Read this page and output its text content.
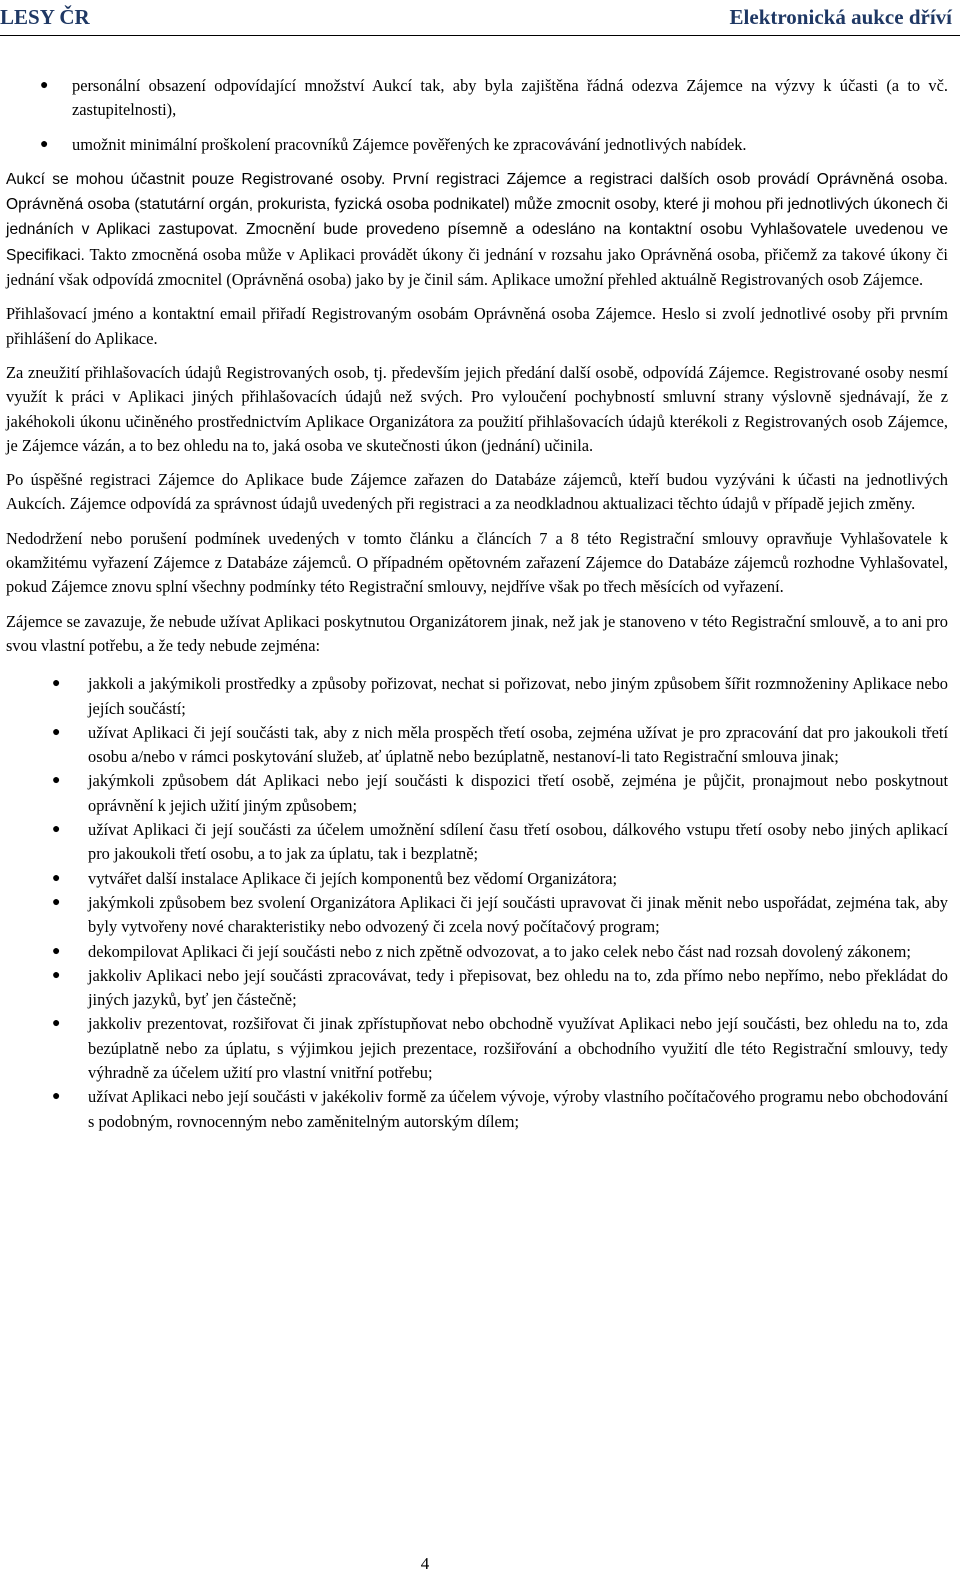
LESY ČR	Elektronická aukce dříví
● personální obsazení odpovídající množství Aukcí tak, aby byla zajištěna řádná odezva Zájemce na výzvy k účasti (a to vč. zastupitelnosti),
● umožnit minimální proškolení pracovníků Zájemce pověřených ke zpracovávání jednotlivých nabídek.

Aukcí se mohou účastnit pouze Registrované osoby. První registraci Zájemce a registraci dalších osob provádí Oprávněná osoba. Oprávněná osoba (statutární orgán, prokurista, fyzická osoba podnikatel) může zmocnit osoby, které ji mohou při jednotlivých úkonech či jednáních v Aplikaci zastupovat. Zmocnění bude provedeno písemně a odesláno na kontaktní osobu Vyhlašovatele uvedenou ve Specifikaci. Takto zmocněná osoba může v Aplikaci provádět úkony či jednání v rozsahu jako Oprávněná osoba, přičemž za takové úkony či jednání však odpovídá zmocnitel (Oprávněná osoba) jako by je činil sám. Aplikace umožní přehled aktuálně Registrovaných osob Zájemce.

Přihlašovací jméno a kontaktní email přiřadí Registrovaným osobám Oprávněná osoba Zájemce. Heslo si zvolí jednotlivé osoby při prvním přihlášení do Aplikace.

Za zneužití přihlašovacích údajů Registrovaných osob, tj. především jejich předání další osobě, odpovídá Zájemce. Registrované osoby nesmí využít k práci v Aplikaci jiných přihlašovacích údajů než svých. Pro vyloučení pochybností smluvní strany výslovně sjednávají, že z jakéhokoli úkonu učiněného prostřednictvím Aplikace Organizátora za použití přihlašovacích údajů kterékoli z Registrovaných osob Zájemce, je Zájemce vázán, a to bez ohledu na to, jaká osoba ve skutečnosti úkon (jednání) učinila.

Po úspěšné registraci Zájemce do Aplikace bude Zájemce zařazen do Databáze zájemců, kteří budou vyzýváni k účasti na jednotlivých Aukcích. Zájemce odpovídá za správnost údajů uvedených při registraci a za neodkladnou aktualizaci těchto údajů v případě jejich změny.

Nedodržení nebo porušení podmínek uvedených v tomto článku a článcích 7 a 8 této Registrační smlouvy opravňuje Vyhlašovatele k okamžitému vyřazení Zájemce z Databáze zájemců. O případném opětovném zařazení Zájemce do Databáze zájemců rozhodne Vyhlašovatel, pokud Zájemce znovu splní všechny podmínky této Registrační smlouvy, nejdříve však po třech měsících od vyřazení.

Zájemce se zavazuje, že nebude užívat Aplikaci poskytnutou Organizátorem jinak, než jak je stanoveno v této Registrační smlouvě, a to ani pro svou vlastní potřebu, a že tedy nebude zejména:

● jakkoli a jakýmikoli prostředky a způsoby pořizovat, nechat si pořizovat, nebo jiným způsobem šířit rozmnoženiny Aplikace nebo jejích součástí;
● užívat Aplikaci či její součásti tak, aby z nich měla prospěch třetí osoba, zejména užívat je pro zpracování dat pro jakoukoli třetí osobu a/nebo v rámci poskytování služeb, ať úplatně nebo bezúplatně, nestanoví-li tato Registrační smlouva jinak;
● jakýmkoli způsobem dát Aplikaci nebo její součásti k dispozici třetí osobě, zejména je půjčit, pronajmout nebo poskytnout oprávnění k jejich užití jiným způsobem;
● užívat Aplikaci či její součásti za účelem umožnění sdílení času třetí osobou, dálkového vstupu třetí osoby nebo jiných aplikací pro jakoukoli třetí osobu, a to jak za úplatu, tak i bezplatně;
● vytvářet další instalace Aplikace či jejích komponentů bez vědomí Organizátora;
● jakýmkoli způsobem bez svolení Organizátora Aplikaci či její součásti upravovat či jinak měnit nebo uspořádat, zejména tak, aby byly vytvořeny nové charakteristiky nebo odvozený či zcela nový počítačový program;
● dekompilovat Aplikaci či její součásti nebo z nich zpětně odvozovat, a to jako celek nebo část nad rozsah dovolený zákonem;
● jakkoliv Aplikaci nebo její součásti zpracovávat, tedy i přepisovat, bez ohledu na to, zda přímo nebo nepřímo, nebo překládat do jiných jazyků, byť jen částečně;
● jakkoliv prezentovat, rozšiřovat či jinak zpřístupňovat nebo obchodně využívat Aplikaci nebo její součásti, bez ohledu na to, zda bezúplatně nebo za úplatu, s výjimkou jejich prezentace, rozšiřování a obchodního využití dle této Registrační smlouvy, tedy výhradně za účelem užití pro vlastní vnitřní potřebu;
● užívat Aplikaci nebo její součásti v jakékoliv formě za účelem vývoje, výroby vlastního počítačového programu nebo obchodování s podobným, rovnocenným nebo zaměnitelným autorským dílem;
4
